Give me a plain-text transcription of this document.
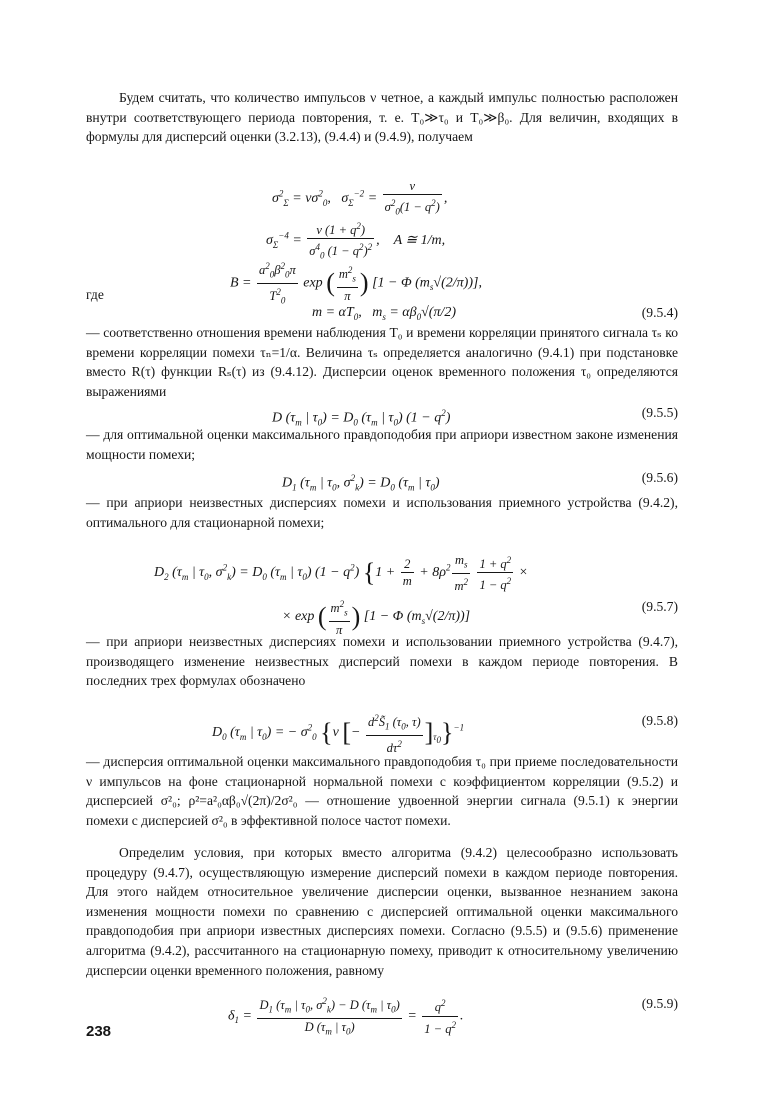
Будем считать, что количество импульсов ν четное, а каждый импульс полностью расположен внутри соответствующего периода повторения, т. е. T₀≫τ₀ и T₀≫β₀. Для величин, входящих в формулы для дисперсий оценки (3.2.13), (9.4.4) и (9.4.9), получаем

$\sigma^2_\Sigma = \nu\sigma^2_0$,   $\sigma_\Sigma^{-2} = \frac{\nu}{\sigma^2_0(1 - q^2)}$ ,
$\sigma_\Sigma^{-4} = \frac{\nu (1 + q^2)}{\sigma^4_0 (1 - q^2)^2}$ ,    A ≅ 1/m,
$B = \frac{a^2_0\beta^2_0\pi}{T^2_0}$ exp ( $\frac{m^2_s}{\pi}$ ) [1 − Φ $(m_s√(2/\pi))$],
где
$m = \alpha T_0$,   $m_s = \alpha\beta_0√(\pi/2)$	(9.5.4)

— соответственно отношения времени наблюдения T₀ и времени корреляции принятого сигнала τₛ ко времени корреляции помехи τₙ=1/α. Величина τₛ определяется аналогично (9.4.1) при подстановке вместо R(τ) функции Rₛ(τ) из (9.4.12). Дисперсии оценок временного положения τ₀ определяются выражениями

D ($\tau_m$ | $\tau_0) = D_0$ ($\tau_m$ | $\tau_0$) $(1 - q^2)$	(9.5.5)

— для оптимальной оценки максимального правдоподобия при априори известном законе изменения мощности помехи;

$D_1$ ($\tau_m$ | $\tau_0$, $\sigma^2_k) = D_0$ ($\tau_m$ | $\tau_0$)	(9.5.6)

— при априори неизвестных дисперсиях помехи и использования приемного устройства (9.4.2), оптимального для стационарной помехи;

$D_2$ ($\tau_m$ | $\tau_0$, $\sigma^2_k) = D_0$ ($\tau_m$ | $\tau_0$) $(1 - q^2)$ {$1 + \frac{2}{m} + 8\rho^2 \frac{m_s}{m^2}$
$\frac{1 + q^2}{1 - q^2}$ ×
× exp ( $\frac{m^2_s}{\pi}$ ) [1 − Φ $(m_s√(2/\pi))$]
(9.5.7)

— при априори неизвестных дисперсиях помехи и использовании приемного устройства (9.4.7), производящего изменение неизвестных дисперсий помехи в каждом периоде повторения. В последних трех формулах обозначено

$D_0$ ($\tau_m$ | $\tau_0$) = − $\sigma^2_0$ {ν [− $\frac{d^2S̃_1 (\tau_0, \tau)}{d\tau^2} ]_{\tau_0}\}^{-1}$	(9.5.8)

— дисперсия оптимальной оценки максимального правдоподобия τ₀ при приеме последовательности ν импульсов на фоне стационарной нормальной помехи с коэффициентом корреляции (9.5.2) и дисперсией σ²₀; ρ²=a²₀αβ₀√(2π)/2σ²₀ — отношение удвоенной энергии сигнала (9.5.1) к энергии помехи с дисперсией σ²₀ в эффективной полосе частот помехи.

Определим условия, при которых вместо алгоритма (9.4.2) целесообразно использовать процедуру (9.4.7), осуществляющую измерение дисперсий помехи в каждом периоде повторения. Для этого найдем относительное увеличение дисперсии оценки, вызванное незнанием закона изменения мощности помехи по сравнению с дисперсией оптимальной оценки максимального правдоподобия при априори известных дисперсиях помехи. Согласно (9.5.5) и (9.5.6) применение алгоритма (9.4.2), рассчитанного на стационарную помеху, приводит к относительному увеличению дисперсии оценки временного положения, равному

$\delta_1 = \frac{D_1 (\tau_m | \tau_0, \sigma^2_k) - D (\tau_m | \tau_0)}{D (\tau_m | \tau_0)} = \frac{q^2}{1 - q^2}$ .
(9.5.9)
238
